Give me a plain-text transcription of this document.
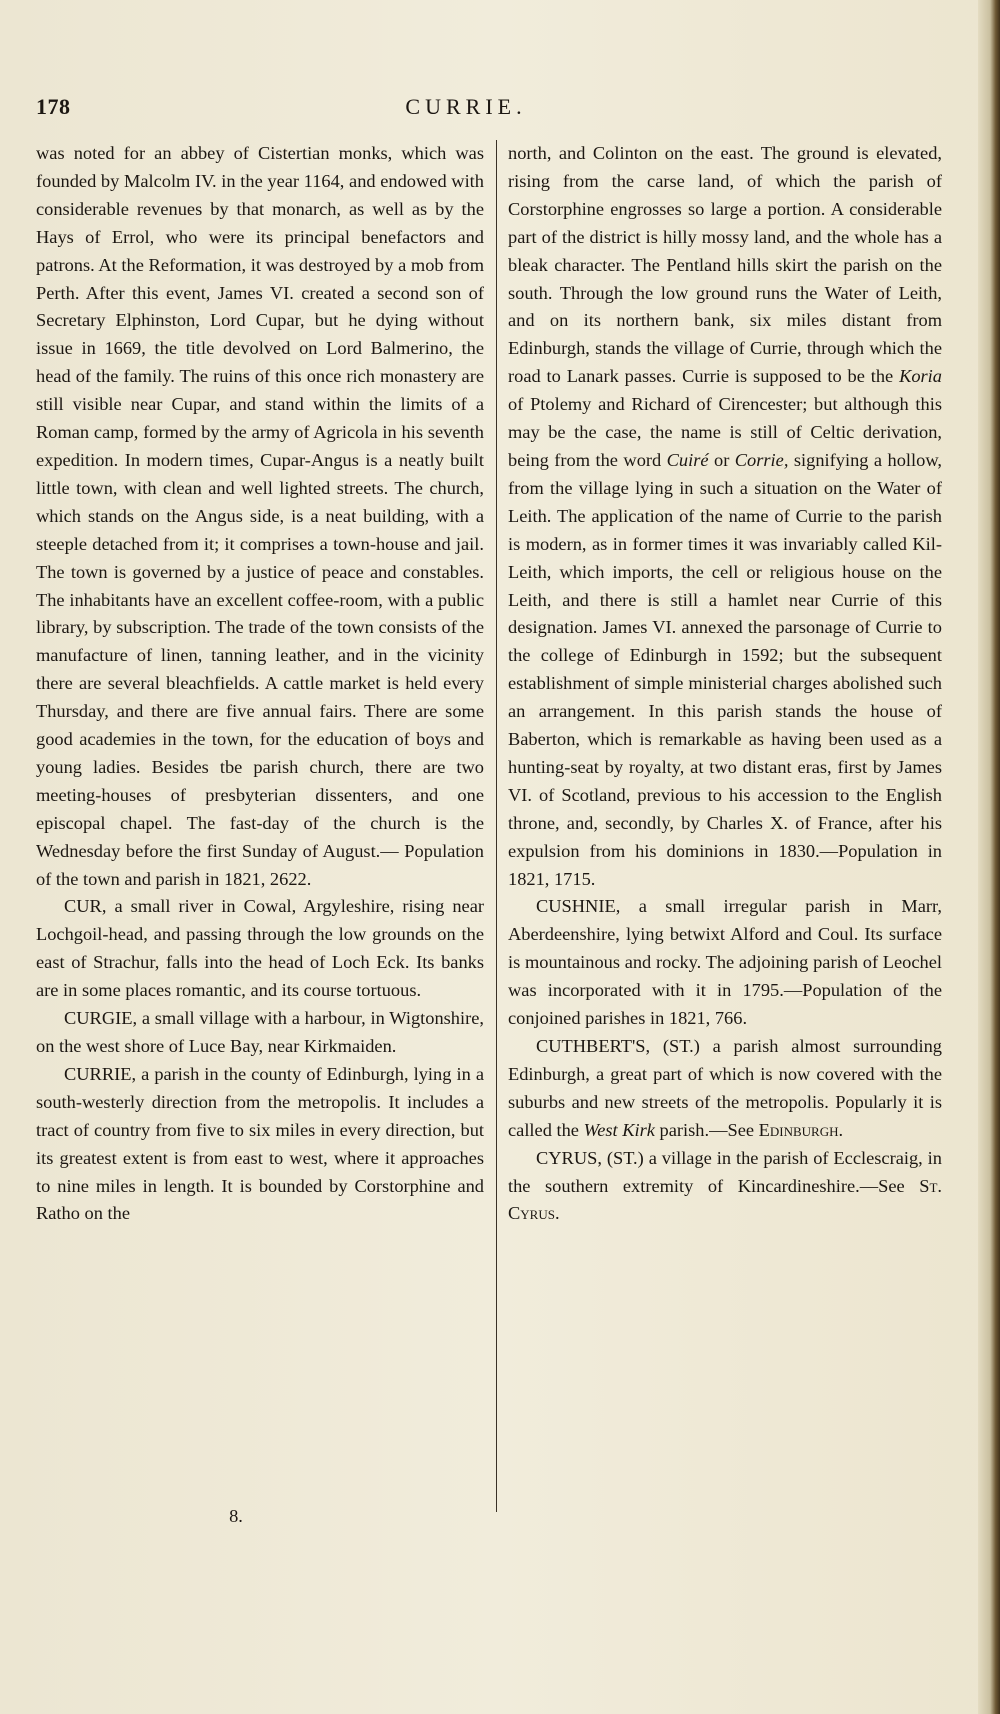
178	CURRIE.

was noted for an abbey of Cistertian monks, which was founded by Malcolm IV. in the year 1164, and endowed with considerable revenues by that monarch, as well as by the Hays of Errol, who were its principal benefactors and patrons. At the Reformation, it was destroyed by a mob from Perth. After this event, James VI. created a second son of Secretary Elphinston, Lord Cupar, but he dying without issue in 1669, the title devolved on Lord Balmerino, the head of the family. The ruins of this once rich monastery are still visible near Cupar, and stand within the limits of a Roman camp, formed by the army of Agricola in his seventh expedition. In modern times, Cupar-Angus is a neatly built little town, with clean and well lighted streets. The church, which stands on the Angus side, is a neat building, with a steeple detached from it; it comprises a town-house and jail. The town is governed by a justice of peace and constables. The inhabitants have an excellent coffee-room, with a public library, by subscription. The trade of the town consists of the manufacture of linen, tanning leather, and in the vicinity there are several bleachfields. A cattle market is held every Thursday, and there are five annual fairs. There are some good academies in the town, for the education of boys and young ladies. Besides tbe parish church, there are two meeting-houses of presbyterian dissenters, and one episcopal chapel. The fast-day of the church is the Wednesday before the first Sunday of August.— Population of the town and parish in 1821, 2622.

CUR, a small river in Cowal, Argyleshire, rising near Lochgoil-head, and passing through the low grounds on the east of Strachur, falls into the head of Loch Eck. Its banks are in some places romantic, and its course tortuous.

CURGIE, a small village with a harbour, in Wigtonshire, on the west shore of Luce Bay, near Kirkmaiden.

CURRIE, a parish in the county of Edinburgh, lying in a south-westerly direction from the metropolis. It includes a tract of country from five to six miles in every direction, but its greatest extent is from east to west, where it approaches to nine miles in length. It is bounded by Corstorphine and Ratho on the

8.

north, and Colinton on the east. The ground is elevated, rising from the carse land, of which the parish of Corstorphine engrosses so large a portion. A considerable part of the district is hilly mossy land, and the whole has a bleak character. The Pentland hills skirt the parish on the south. Through the low ground runs the Water of Leith, and on its northern bank, six miles distant from Edinburgh, stands the village of Currie, through which the road to Lanark passes. Currie is supposed to be the Koria of Ptolemy and Richard of Cirencester; but although this may be the case, the name is still of Celtic derivation, being from the word Cuiré or Corrie, signifying a hollow, from the village lying in such a situation on the Water of Leith. The application of the name of Currie to the parish is modern, as in former times it was invariably called Kil-Leith, which imports, the cell or religious house on the Leith, and there is still a hamlet near Currie of this designation. James VI. annexed the parsonage of Currie to the college of Edinburgh in 1592; but the subsequent establishment of simple ministerial charges abolished such an arrangement. In this parish stands the house of Baberton, which is remarkable as having been used as a hunting-seat by royalty, at two distant eras, first by James VI. of Scotland, previous to his accession to the English throne, and, secondly, by Charles X. of France, after his expulsion from his dominions in 1830.—Population in 1821, 1715.

CUSHNIE, a small irregular parish in Marr, Aberdeenshire, lying betwixt Alford and Coul. Its surface is mountainous and rocky. The adjoining parish of Leochel was incorporated with it in 1795.—Population of the conjoined parishes in 1821, 766.

CUTHBERT'S, (ST.) a parish almost surrounding Edinburgh, a great part of which is now covered with the suburbs and new streets of the metropolis. Popularly it is called the West Kirk parish.—See Edinburgh.

CYRUS, (ST.) a village in the parish of Ecclescraig, in the southern extremity of Kincardineshire.—See St. Cyrus.
